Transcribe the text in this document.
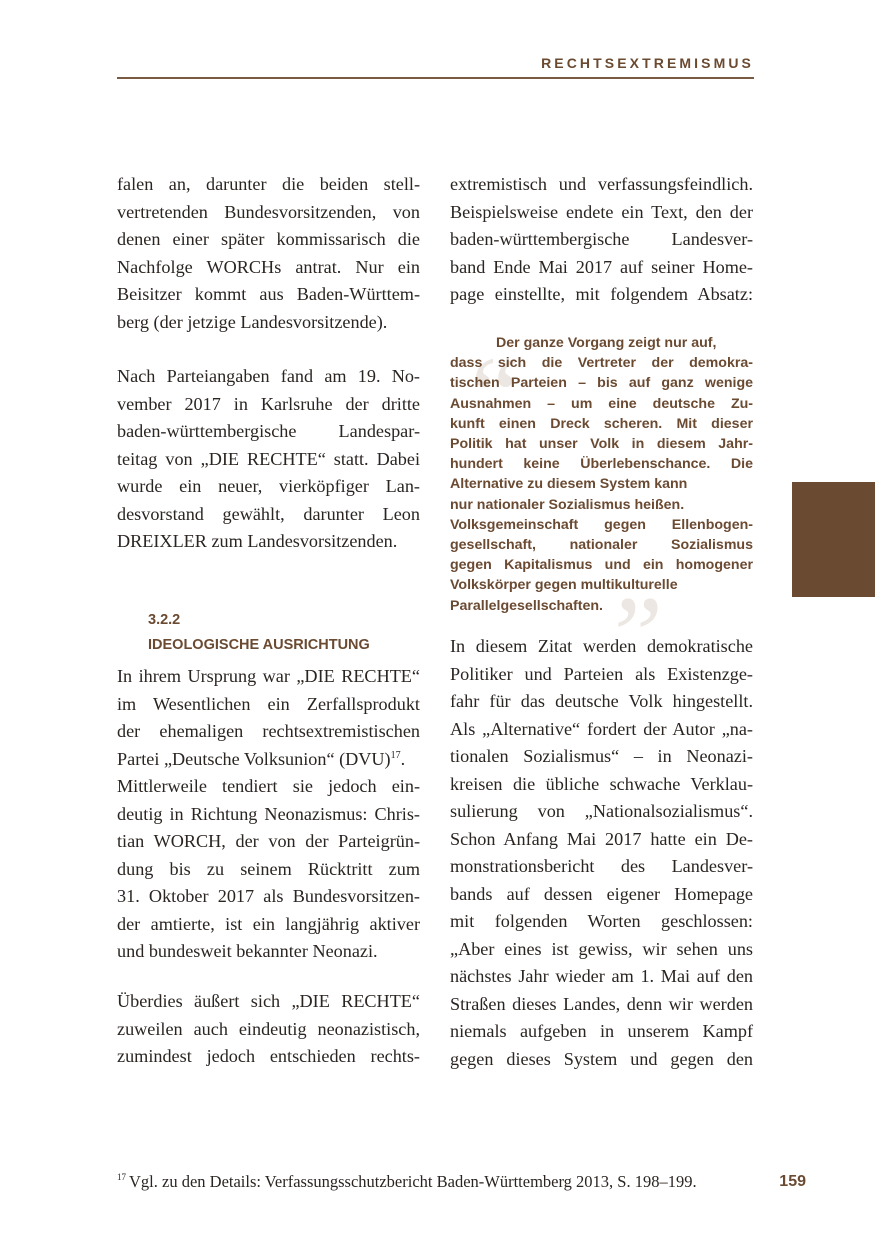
RECHTSEXTREMISMUS
falen an, darunter die beiden stell-
vertretenden Bundesvorsitzenden, von
denen einer später kommissarisch die
Nachfolge WORCHs antrat. Nur ein
Beisitzer kommt aus Baden-Württem-
berg (der jetzige Landesvorsitzende).
Nach Parteiangaben fand am 19. No-
vember 2017 in Karlsruhe der dritte
baden-württembergische Landespar-
teitag von „DIE RECHTE“ statt. Dabei
wurde ein neuer, vierköpfiger Lan-
desvorstand gewählt, darunter Leon
DREIXLER zum Landesvorsitzenden.
In ihrem Ursprung war „DIE RECHTE“
im Wesentlichen ein Zerfallsprodukt
der ehemaligen rechtsextremistischen
Partei „Deutsche Volksunion“ (DVU)$^{17}$.
Mittlerweile tendiert sie jedoch ein-
deutig in Richtung Neonazismus: Chris-
tian WORCH, der von der Parteigrün-
dung bis zu seinem Rücktritt zum
31. Oktober 2017 als Bundesvorsitzen-
der amtierte, ist ein langjährig aktiver
und bundesweit bekannter Neonazi.
Überdies äußert sich „DIE RECHTE“
zuweilen auch eindeutig neonazistisch,
zumindest jedoch entschieden rechts-
3.2.2
IDEOLOGISCHE AUSRICHTUNG
extremistisch und verfassungsfeindlich.
Beispielsweise endete ein Text, den der
baden-württembergische Landesver-
band Ende Mai 2017 auf seiner Home-
page einstellte, mit folgendem Absatz:
In diesem Zitat werden demokratische
Politiker und Parteien als Existenzge-
fahr für das deutsche Volk hingestellt.
Als „Alternative“ fordert der Autor „na-
tionalen Sozialismus“ – in Neonazi-
kreisen die übliche schwache Verklau-
sulierung von „Nationalsozialismus“.
Schon Anfang Mai 2017 hatte ein De-
monstrationsbericht des Landesver-
bands auf dessen eigener Homepage
mit folgenden Worten geschlossen:
„Aber eines ist gewiss, wir sehen uns
nächstes Jahr wieder am 1. Mai auf den
Straßen dieses Landes, denn wir werden
niemals aufgeben in unserem Kampf
gegen dieses System und gegen den
“
”
Der ganze Vorgang zeigt nur auf,
dass sich die Vertreter der demokra-
tischen Parteien – bis auf ganz wenige
Ausnahmen – um eine deutsche Zu-
kunft einen Dreck scheren. Mit dieser
Politik hat unser Volk in diesem Jahr-
hundert keine Überlebenschance. Die
Alternative zu diesem System kann
nur nationaler Sozialismus heißen.
Volksgemeinschaft gegen Ellenbogen-
gesellschaft, nationaler Sozialismus
gegen Kapitalismus und ein homogener
Volkskörper gegen multikulturelle
Parallelgesellschaften.
$^{17}$ Vgl. zu den Details: Verfassungsschutzbericht Baden-Württemberg 2013, S. 198–199.	159
